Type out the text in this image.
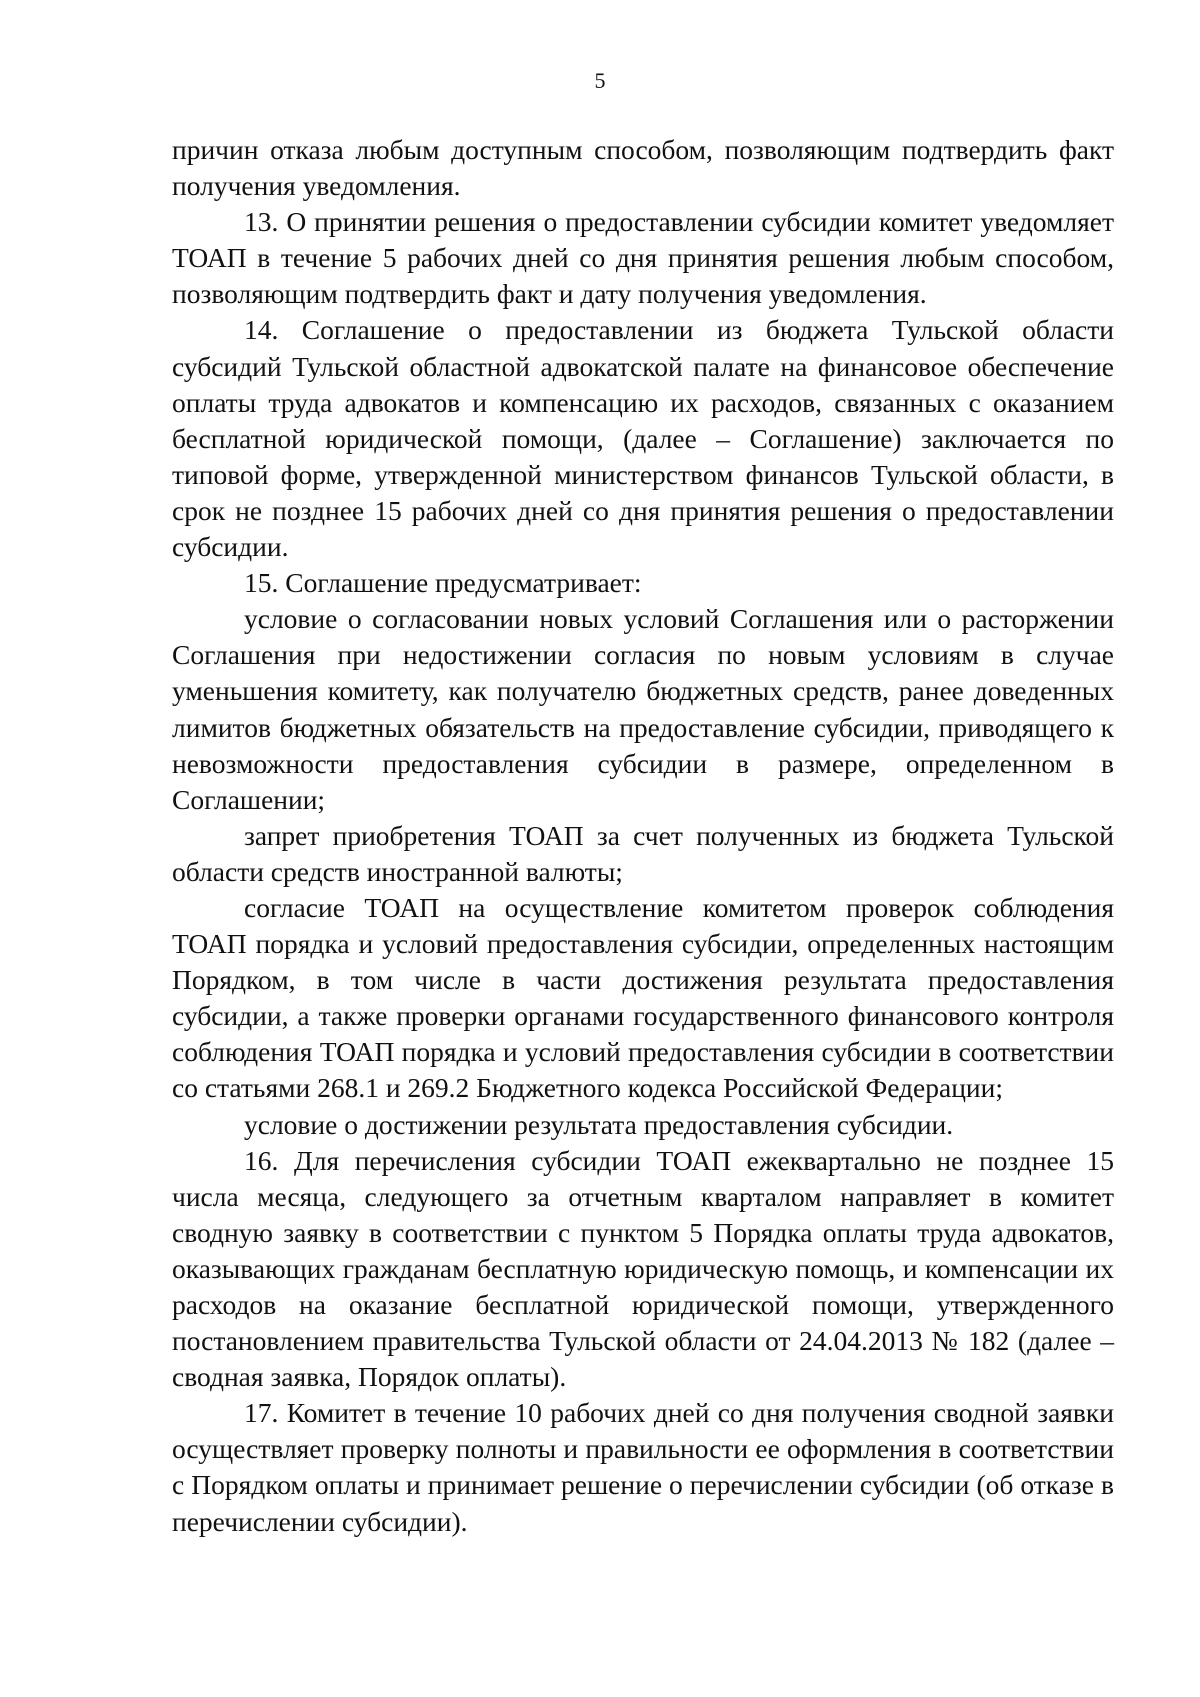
5

причин отказа любым доступным способом, позволяющим подтвердить факт получения уведомления.

13. О принятии решения о предоставлении субсидии комитет уведомляет ТОАП в течение 5 рабочих дней со дня принятия решения любым способом, позволяющим подтвердить факт и дату получения уведомления.

14. Соглашение о предоставлении из бюджета Тульской области субсидий Тульской областной адвокатской палате на финансовое обеспечение оплаты труда адвокатов и компенсацию их расходов, связанных с оказанием бесплатной юридической помощи, (далее – Соглашение) заключается по типовой форме, утвержденной министерством финансов Тульской области, в срок не позднее 15 рабочих дней со дня принятия решения о предоставлении субсидии.

15. Соглашение предусматривает:

условие о согласовании новых условий Соглашения или о расторжении Соглашения при недостижении согласия по новым условиям в случае уменьшения комитету, как получателю бюджетных средств, ранее доведенных лимитов бюджетных обязательств на предоставление субсидии, приводящего к невозможности предоставления субсидии в размере, определенном в Соглашении;

запрет приобретения ТОАП за счет полученных из бюджета Тульской области средств иностранной валюты;

согласие ТОАП на осуществление комитетом проверок соблюдения ТОАП порядка и условий предоставления субсидии, определенных настоящим Порядком, в том числе в части достижения результата предоставления субсидии, а также проверки органами государственного финансового контроля соблюдения ТОАП порядка и условий предоставления субсидии в соответствии со статьями 268.1 и 269.2 Бюджетного кодекса Российской Федерации;

условие о достижении результата предоставления субсидии.

16. Для перечисления субсидии ТОАП ежеквартально не позднее 15 числа месяца, следующего за отчетным кварталом направляет в комитет сводную заявку в соответствии с пунктом 5 Порядка оплаты труда адвокатов, оказывающих гражданам бесплатную юридическую помощь, и компенсации их расходов на оказание бесплатной юридической помощи, утвержденного постановлением правительства Тульской области от 24.04.2013 № 182 (далее – сводная заявка, Порядок оплаты).

17. Комитет в течение 10 рабочих дней со дня получения сводной заявки осуществляет проверку полноты и правильности ее оформления в соответствии с Порядком оплаты и принимает решение о перечислении субсидии (об отказе в перечислении субсидии).
